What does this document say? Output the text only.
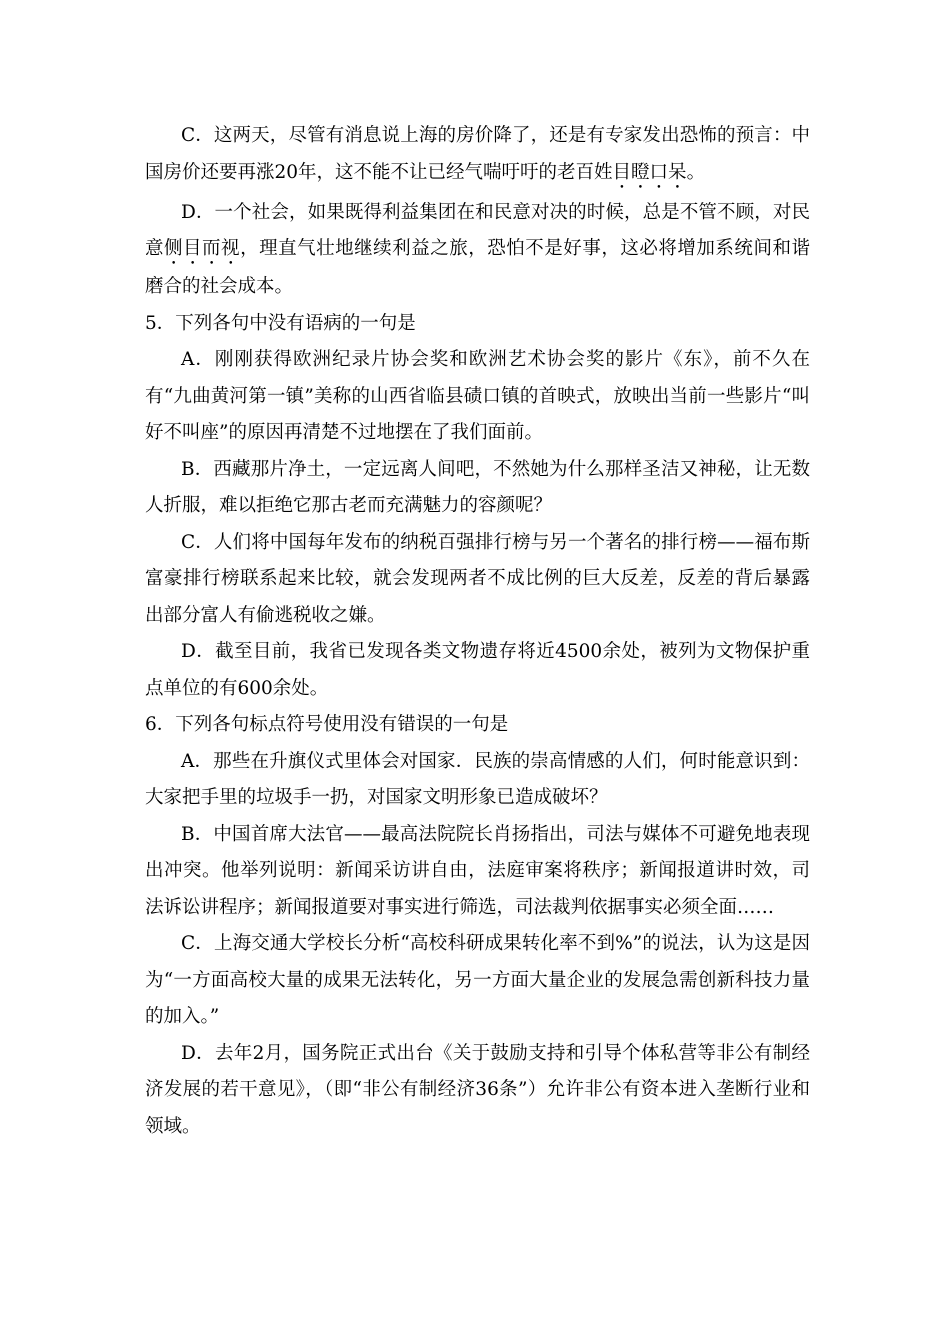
C．这两天，尽管有消息说上海的房价降了，还是有专家发出恐怖的预言：中国房价还要再涨20年，这不能不让已经气喘吁吁的老百姓目瞪口呆。

D．一个社会，如果既得利益集团在和民意对决的时候，总是不管不顾，对民意侧目而视，理直气壮地继续利益之旅，恐怕不是好事，这必将增加系统间和谐磨合的社会成本。

5．下列各句中没有语病的一句是

A．刚刚获得欧洲纪录片协会奖和欧洲艺术协会奖的影片《东》，前不久在有“九曲黄河第一镇”美称的山西省临县碛口镇的首映式，放映出当前一些影片“叫好不叫座”的原因再清楚不过地摆在了我们面前。

B．西藏那片净土，一定远离人间吧，不然她为什么那样圣洁又神秘，让无数人折服，难以拒绝它那古老而充满魅力的容颜呢？

C．人们将中国每年发布的纳税百强排行榜与另一个著名的排行榜——福布斯富豪排行榜联系起来比较，就会发现两者不成比例的巨大反差，反差的背后暴露出部分富人有偷逃税收之嫌。

D．截至目前，我省已发现各类文物遗存将近4500余处，被列为文物保护重点单位的有600余处。

6．下列各句标点符号使用没有错误的一句是

A．那些在升旗仪式里体会对国家．民族的崇高情感的人们，何时能意识到：大家把手里的垃圾手一扔，对国家文明形象已造成破坏？

B．中国首席大法官——最高法院院长肖扬指出，司法与媒体不可避免地表现出冲突。他举列说明：新闻采访讲自由，法庭审案将秩序；新闻报道讲时效，司法诉讼讲程序；新闻报道要对事实进行筛选，司法裁判依据事实必须全面……

C．上海交通大学校长分析“高校科研成果转化率不到%”的说法，认为这是因为“一方面高校大量的成果无法转化，另一方面大量企业的发展急需创新科技力量的加入。”

D．去年2月，国务院正式出台《关于鼓励支持和引导个体私营等非公有制经济发展的若干意见》，（即“非公有制经济36条”）允许非公有资本进入垄断行业和领域。
